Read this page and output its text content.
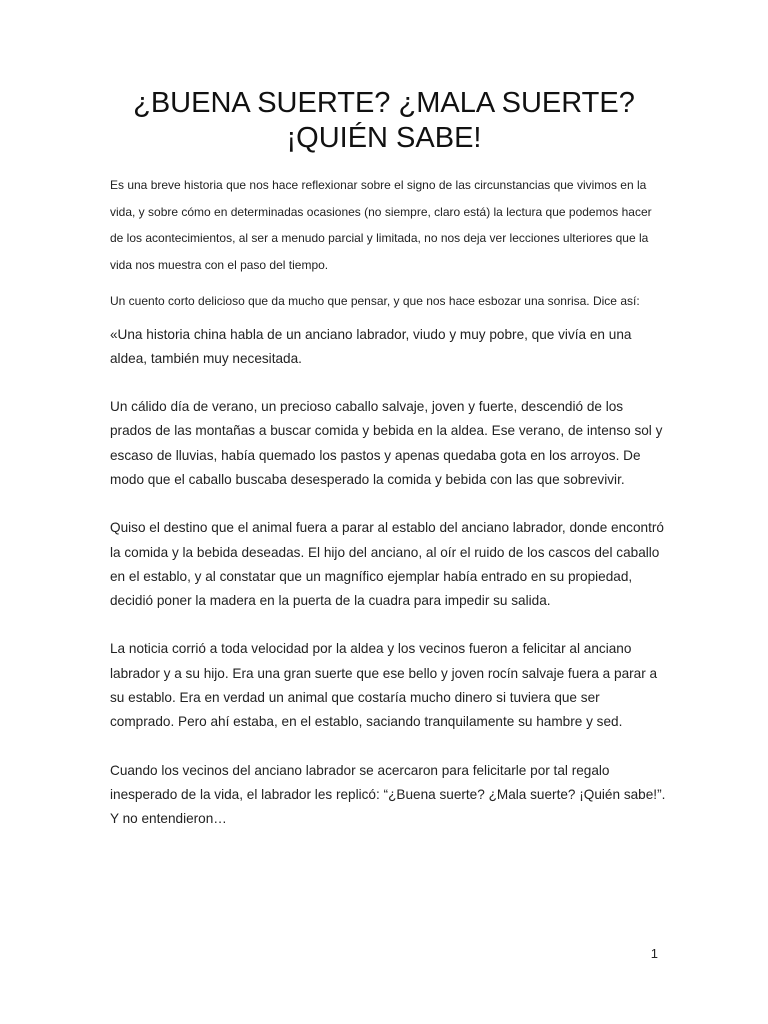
¿BUENA SUERTE? ¿MALA SUERTE?
¡QUIÉN SABE!

Es una breve historia que nos hace reflexionar sobre el signo de las circunstancias que vivimos en la vida, y sobre cómo en determinadas ocasiones (no siempre, claro está) la lectura que podemos hacer de los acontecimientos, al ser a menudo parcial y limitada, no nos deja ver lecciones ulteriores que la vida nos muestra con el paso del tiempo.

Un cuento corto delicioso que da mucho que pensar, y que nos hace esbozar una sonrisa. Dice así:

«Una historia china habla de un anciano labrador, viudo y muy pobre, que vivía en una aldea, también muy necesitada.

Un cálido día de verano, un precioso caballo salvaje, joven y fuerte, descendió de los prados de las montañas a buscar comida y bebida en la aldea. Ese verano, de intenso sol y escaso de lluvias, había quemado los pastos y apenas quedaba gota en los arroyos. De modo que el caballo buscaba desesperado la comida y bebida con las que sobrevivir.

Quiso el destino que el animal fuera a parar al establo del anciano labrador, donde encontró la comida y la bebida deseadas. El hijo del anciano, al oír el ruido de los cascos del caballo en el establo, y al constatar que un magnífico ejemplar había entrado en su propiedad, decidió poner la madera en la puerta de la cuadra para impedir su salida.

La noticia corrió a toda velocidad por la aldea y los vecinos fueron a felicitar al anciano labrador y a su hijo. Era una gran suerte que ese bello y joven rocín salvaje fuera a parar a su establo. Era en verdad un animal que costaría mucho dinero si tuviera que ser comprado. Pero ahí estaba, en el establo, saciando tranquilamente su hambre y sed.

Cuando los vecinos del anciano labrador se acercaron para felicitarle por tal regalo inesperado de la vida, el labrador les replicó: “¿Buena suerte? ¿Mala suerte? ¡Quién sabe!”. Y no entendieron…

1
